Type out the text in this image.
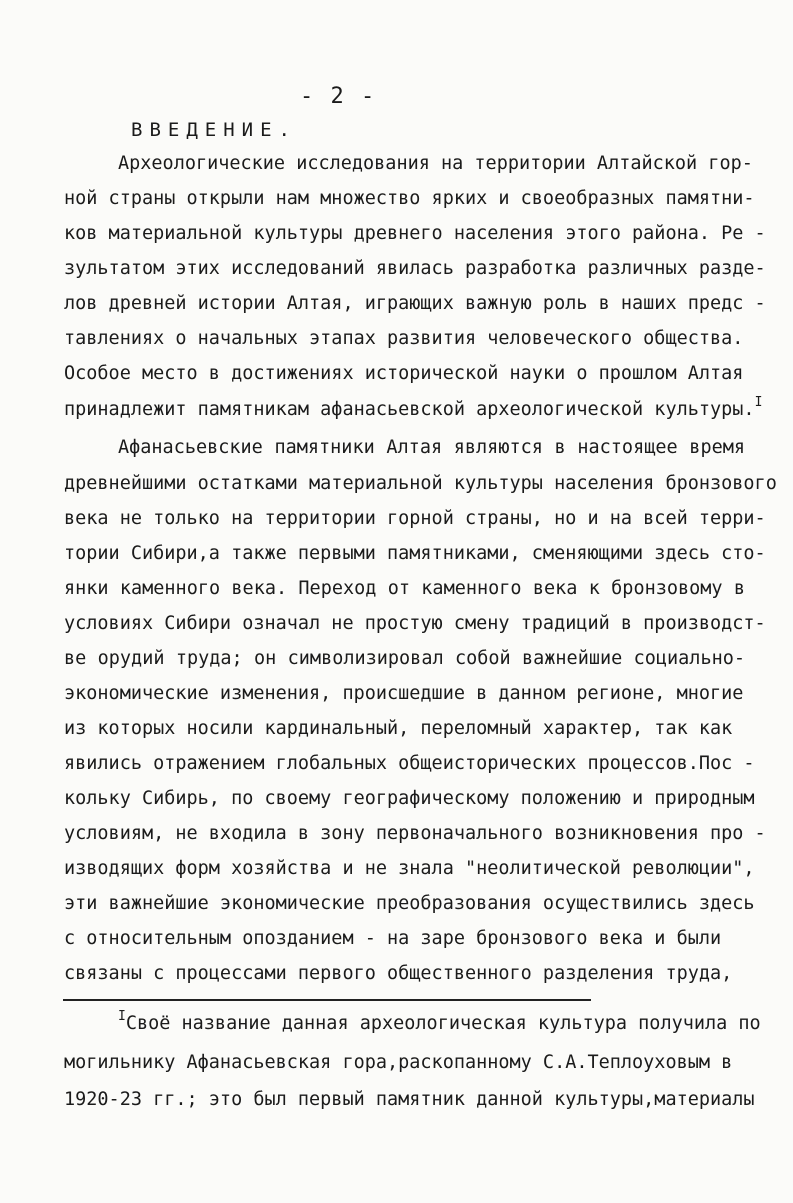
- 2 -
ВВЕДЕНИЕ.
Археологические исследования на территории Алтайской гор-
ной страны открыли нам множество ярких и своеобразных памятни-
ков материальной культуры древнего населения этого района. Ре -
зультатом этих исследований явилась разработка различных разде-
лов древней истории Алтая, играющих важную роль в наших предс -
тавлениях о начальных этапах развития человеческого общества.
Особое место в достижениях исторической науки о прошлом Алтая
принадлежит памятникам афанасьевской археологической культуры.$^I$
Афанасьевские памятники Алтая являются в настоящее время
древнейшими остатками материальной культуры населения бронзового
века не только на территории горной страны, но и на всей терри-
тории Сибири,а также первыми памятниками, сменяющими здесь сто-
янки каменного века. Переход от каменного века к бронзовому в
условиях Сибири означал не простую смену традиций в производст-
ве орудий труда; он символизировал собой важнейшие социально-
экономические изменения, происшедшие в данном регионе, многие
из которых носили кардинальный, переломный характер, так как
явились отражением глобальных общеисторических процессов.Пос -
кольку Сибирь, по своему географическому положению и природным
условиям, не входила в зону первоначального возникновения про -
изводящих форм хозяйства и не знала "неолитической революции",
эти важнейшие экономические преобразования осуществились здесь
с относительным опозданием - на заре бронзового века и были
связаны с процессами первого общественного разделения труда,
$^I$Своё название данная археологическая культура получила по
могильнику Афанасьевская гора,раскопанному С.А.Теплоуховым в
1920-23 гг.; это был первый памятник данной культуры,материалы
